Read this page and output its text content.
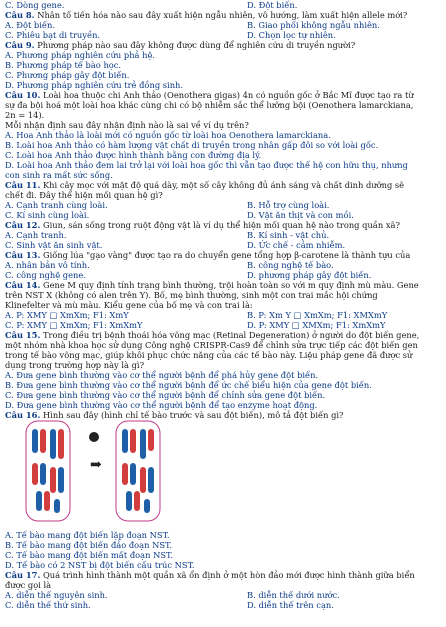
C. Dòng gene.	D. Đột biến.
Câu 8. Nhân tố tiến hóa nào sau đây xuất hiện ngẫu nhiên, vô hướng, làm xuất hiện allele mới?
A. Đột biến.	B. Giao phối không ngẫu nhiên.
C. Phiêu bạt di truyền.	D. Chọn lọc tự nhiên.
Câu 9. Phương pháp nào sau đây không được dùng để nghiên cứu di truyền người?
A. Phương pháp nghiên cứu phả hệ.
B. Phương pháp tế bào học.
C. Phương pháp gây đột biến.
D. Phương pháp nghiên cứu trẻ đồng sinh.
Câu 10. Loài hoa thuộc chi Anh thảo (Oenothera gigas) 4n có nguồn gốc ở Bắc Mĩ được tạo ra từ
sự đa bội hoá một loài hoa khác cùng chi có bộ nhiễm sắc thể lưỡng bội (Oenothera lamarckiana,
2n = 14).
Mỗi nhận định sau đây nhận định nào là sai về ví dụ trên?
A. Hoa Anh thảo là loài mới có nguồn gốc từ loài hoa Oenothera lamarckiana.
B. Loài hoa Anh thảo có hàm lượng vật chất di truyền trong nhân gấp đôi so với loài gốc.
C. Loài hoa Anh thảo được hình thành bằng con đường địa lý.
D. Loài hoa Anh thảo đem lai trở lại với loài hoa gốc thì vẫn tạo được thế hệ con hữu thụ, nhưng
con sinh ra mất sức sống.
Câu 11. Khi cây mọc với mật độ quá dày, một số cây không đủ ánh sáng và chất dinh dưỡng sẽ
chết đi. Đây thể hiện mối quan hệ gì?
A. Cạnh tranh cùng loài.	B. Hỗ trợ cùng loài.
C. Kí sinh cùng loài.	D. Vật ăn thịt và con mồi.
Câu 12. Giun, sán sống trong ruột động vật là ví dụ thể hiện mối quan hệ nào trong quần xã?
A. Cạnh tranh.	B. Kí sinh - vật chủ.
C. Sinh vật ăn sinh vật.	D. Ức chế - cảm nhiễm.
Câu 13. Giống lúa "gạo vàng" được tạo ra do chuyển gene tổng hợp β-carotene là thành tựu của
A. nhân bản vô tính.	B. công nghệ tế bào.
C. công nghệ gene.	D. phương pháp gây đột biến.
Câu 14. Gene M quy định tính trạng bình thường, trội hoàn toàn so với m quy định mù màu. Gene
trên NST X (không có alen trên Y). Bố, mẹ bình thường, sinh một con trai mắc hội chứng
Klinefelter và mù màu. Kiểu gene của bố mẹ và con trai là:
A. P: XMY □ XmXm; F1: XmY	B. P: Xm Y □ XmXm; F1: XMXmY
C. P: XMY □ XmXm; F1: XmXmY	D. P: XMY □ XMXm; F1: XmXmY
Câu 15. Trong điều trị bệnh thoái hóa võng mạc (Retinal Degeneration) ở người do đột biến gene,
một nhóm nhà khoa học sử dụng Công nghệ CRISPR-Cas9 để chỉnh sửa trực tiếp các đột biến gen
trong tế bào võng mạc, giúp khôi phục chức năng của các tế bào này. Liệu pháp gene đã được sử
dụng trong trường hợp này là gì?
A. Đưa gene bình thường vào cơ thể người bệnh để phá hủy gene đột biến.
B. Đưa gene bình thường vào cơ thể người bệnh để ức chế biểu hiện của gene đột biến.
C. Đưa gene bình thường vào cơ thể người bệnh để chỉnh sửa gene đột biến.
D. Đưa gene bình thường vào cơ thể người bệnh để tạo enzyme hoạt động.
Câu 16. Hình sau đây (hình chỉ tế bào trước và sau đột biến), mô tả đột biến gì?
A. Tế bào mang đột biến lặp đoạn NST.
B. Tế bào mang đột biến đảo đoạn NST.
C. Tế bào mang đột biến mất đoạn NST.
D. Tế bào có 2 NST bị đột biến cấu trúc NST.
Câu 17. Quá trình hình thành một quần xã ổn định ở một hòn đảo mới được hình thành giữa biển
được gọi là
A. diễn thế nguyên sinh.	B. diễn thế dưới nước.
C. diễn thế thứ sinh.	D. diễn thế trên cạn.
➡
